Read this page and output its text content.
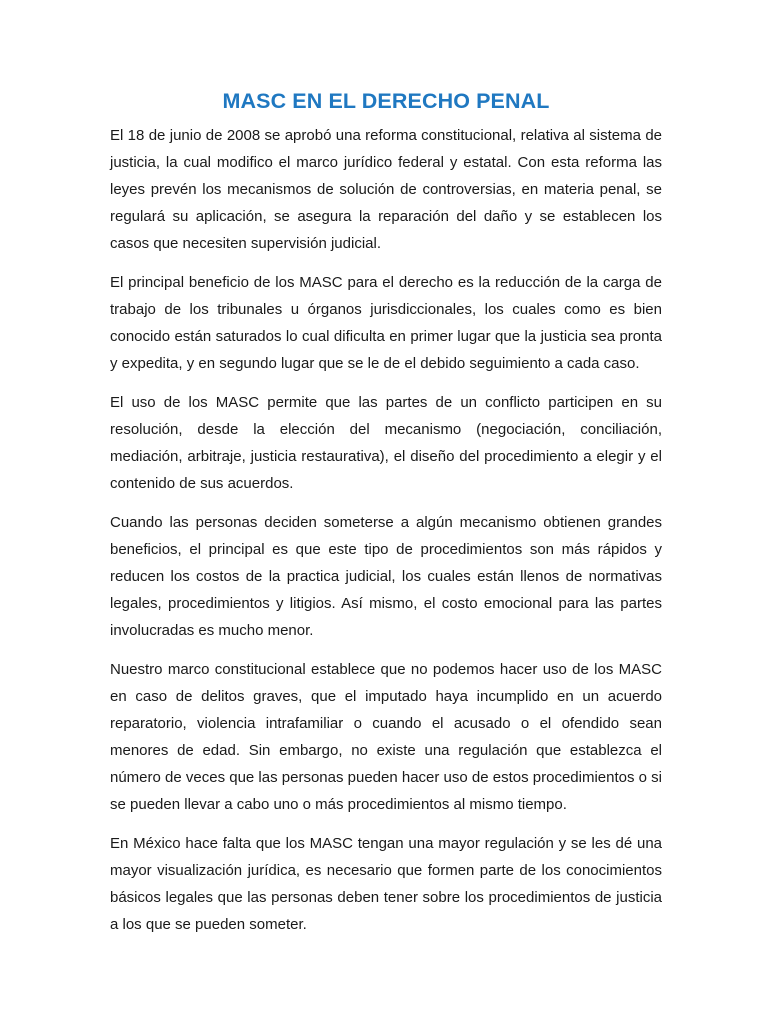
MASC EN EL DERECHO PENAL

El 18 de junio de 2008 se aprobó una reforma constitucional, relativa al sistema de justicia, la cual modifico el marco jurídico federal y estatal. Con esta reforma las leyes prevén los mecanismos de solución de controversias, en materia penal, se regulará su aplicación, se asegura la reparación del daño y se establecen los casos que necesiten supervisión judicial.

El principal beneficio de los MASC para el derecho es la reducción de la carga de trabajo de los tribunales u órganos jurisdiccionales, los cuales como es bien conocido están saturados lo cual dificulta en primer lugar que la justicia sea pronta y expedita, y en segundo lugar que se le de el debido seguimiento a cada caso.

El uso de los MASC permite que las partes de un conflicto participen en su resolución, desde la elección del mecanismo (negociación, conciliación, mediación, arbitraje, justicia restaurativa), el diseño del procedimiento a elegir y el contenido de sus acuerdos.

Cuando las personas deciden someterse a algún mecanismo obtienen grandes beneficios, el principal es que este tipo de procedimientos son más rápidos y reducen los costos de la practica judicial, los cuales están llenos de normativas legales, procedimientos y litigios. Así mismo, el costo emocional para las partes involucradas es mucho menor.

Nuestro marco constitucional establece que no podemos hacer uso de los MASC en caso de delitos graves, que el imputado haya incumplido en un acuerdo reparatorio, violencia intrafamiliar o cuando el acusado o el ofendido sean menores de edad. Sin embargo, no existe una regulación que establezca el número de veces que las personas pueden hacer uso de estos procedimientos o si se pueden llevar a cabo uno o más procedimientos al mismo tiempo.

En México hace falta que los MASC tengan una mayor regulación y se les dé una mayor visualización jurídica, es necesario que formen parte de los conocimientos básicos legales que las personas deben tener sobre los procedimientos de justicia a los que se pueden someter.
